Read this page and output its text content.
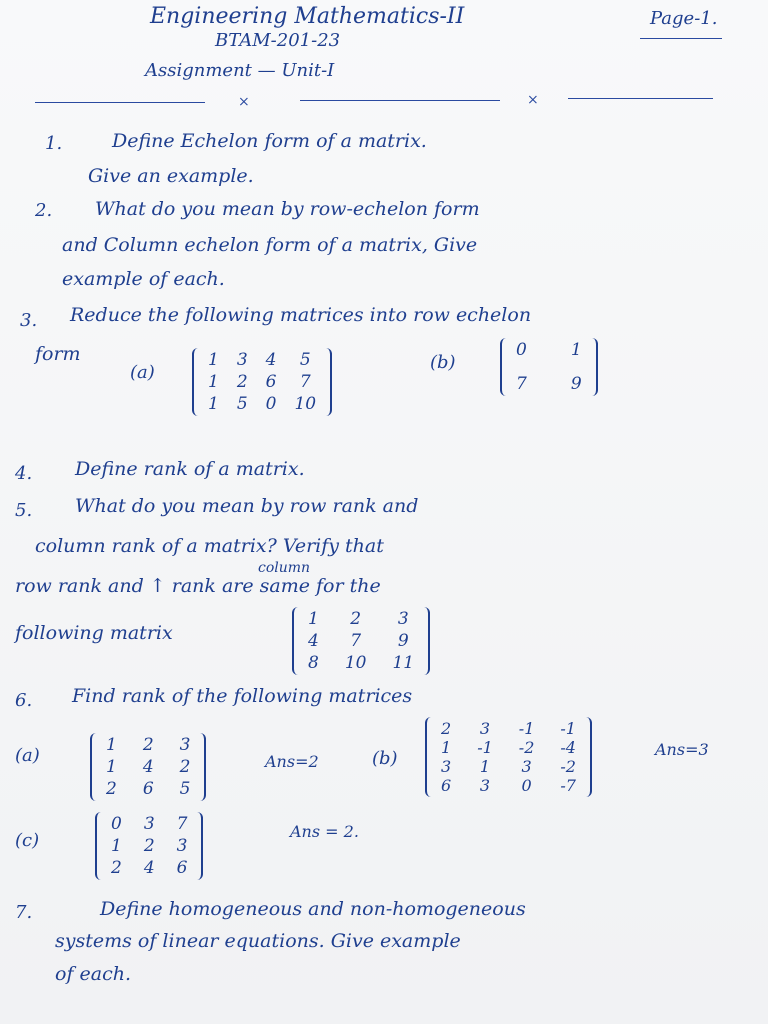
Engineering Mathematics-II	Page-1.
BTAM-201-23
Assignment — Unit-I
×	×
1.	Define Echelon form of a matrix.
Give an example.
2. What do you mean by row-echelon form
and Column echelon form of a matrix, Give
example of each.
3. Reduce the following matrices into row echelon
form
(a)
1 3 4	5
1 2 6	7
1 5 0 10
(b)
0	1
7	9
4. Define rank of a matrix.
5. What do you mean by row rank and
column rank of a matrix? Verify that
column
row rank and ↑ rank are same for the
following matrix
1	2	3
4	7	9
8 10 11
6. Find rank of the following matrices
(a)	1 2 3
1 4 2
2 6 5
Ans=2	(b)
2 3 -1 -1
1 -1 -2 -4
3 1 3 -2
6 3 0 -7
Ans=3
(c)
0 3 7
1 2 3
2 4 6
Ans = 2.
7.	Define homogeneous and non-homogeneous
systems of linear equations. Give example
of each.
